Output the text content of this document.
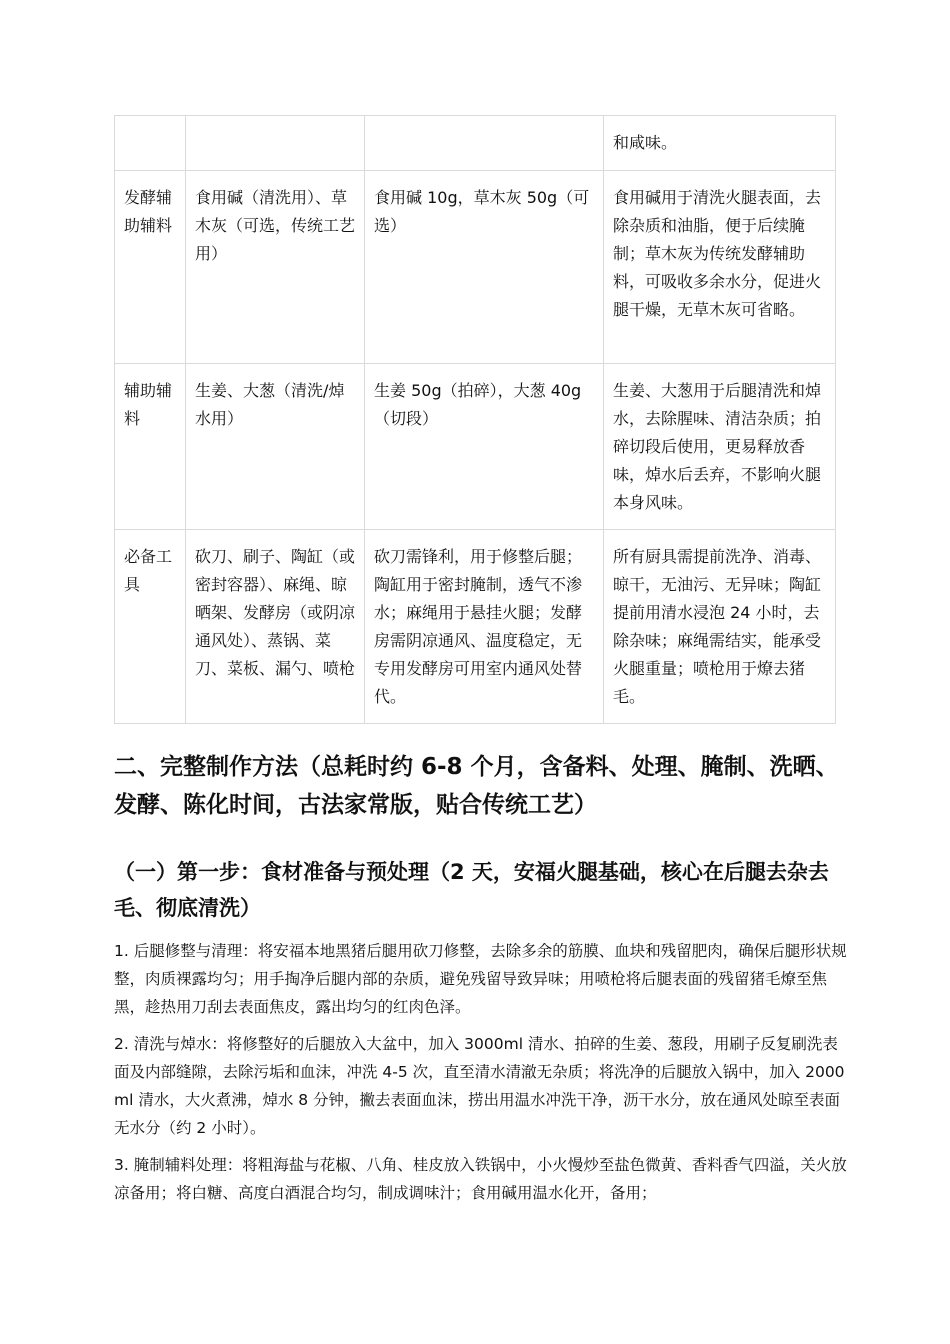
			和咸味。
发酵辅助辅料	食用碱（清洗用）、草木灰（可选，传统工艺用）	食用碱 10g，草木灰 50g（可选）	食用碱用于清洗火腿表面，去除杂质和油脂，便于后续腌制；草木灰为传统发酵辅助料，可吸收多余水分，促进火腿干燥，无草木灰可省略。
辅助辅料	生姜、大葱（清洗/焯水用）	生姜 50g（拍碎），大葱 40g（切段）	生姜、大葱用于后腿清洗和焯水，去除腥味、清洁杂质；拍碎切段后使用，更易释放香味，焯水后丢弃，不影响火腿本身风味。
必备工具	砍刀、刷子、陶缸（或密封容器）、麻绳、晾晒架、发酵房（或阴凉通风处）、蒸锅、菜刀、菜板、漏勺、喷枪	砍刀需锋利，用于修整后腿；陶缸用于密封腌制，透气不渗水；麻绳用于悬挂火腿；发酵房需阴凉通风、温度稳定，无专用发酵房可用室内通风处替代。	所有厨具需提前洗净、消毒、晾干，无油污、无异味；陶缸提前用清水浸泡 24 小时，去除杂味；麻绳需结实，能承受火腿重量；喷枪用于燎去猪毛。
二、完整制作方法（总耗时约 6-8 个月，含备料、处理、腌制、洗晒、发酵、陈化时间，古法家常版，贴合传统工艺）
（一）第一步：食材准备与预处理（2 天，安福火腿基础，核心在后腿去杂去毛、彻底清洗）

1. 后腿修整与清理：将安福本地黑猪后腿用砍刀修整，去除多余的筋膜、血块和残留肥肉，确保后腿形状规整，肉质裸露均匀；用手掏净后腿内部的杂质，避免残留导致异味；用喷枪将后腿表面的残留猪毛燎至焦黑，趁热用刀刮去表面焦皮，露出均匀的红肉色泽。

2. 清洗与焯水：将修整好的后腿放入大盆中，加入 3000ml 清水、拍碎的生姜、葱段，用刷子反复刷洗表面及内部缝隙，去除污垢和血沫，冲洗 4-5 次，直至清水清澈无杂质；将洗净的后腿放入锅中，加入 2000ml 清水，大火煮沸，焯水 8 分钟，撇去表面血沫，捞出用温水冲洗干净，沥干水分，放在通风处晾至表面无水分（约 2 小时）。

3. 腌制辅料处理：将粗海盐与花椒、八角、桂皮放入铁锅中，小火慢炒至盐色微黄、香料香气四溢，关火放凉备用；将白糖、高度白酒混合均匀，制成调味汁；食用碱用温水化开，备用；
